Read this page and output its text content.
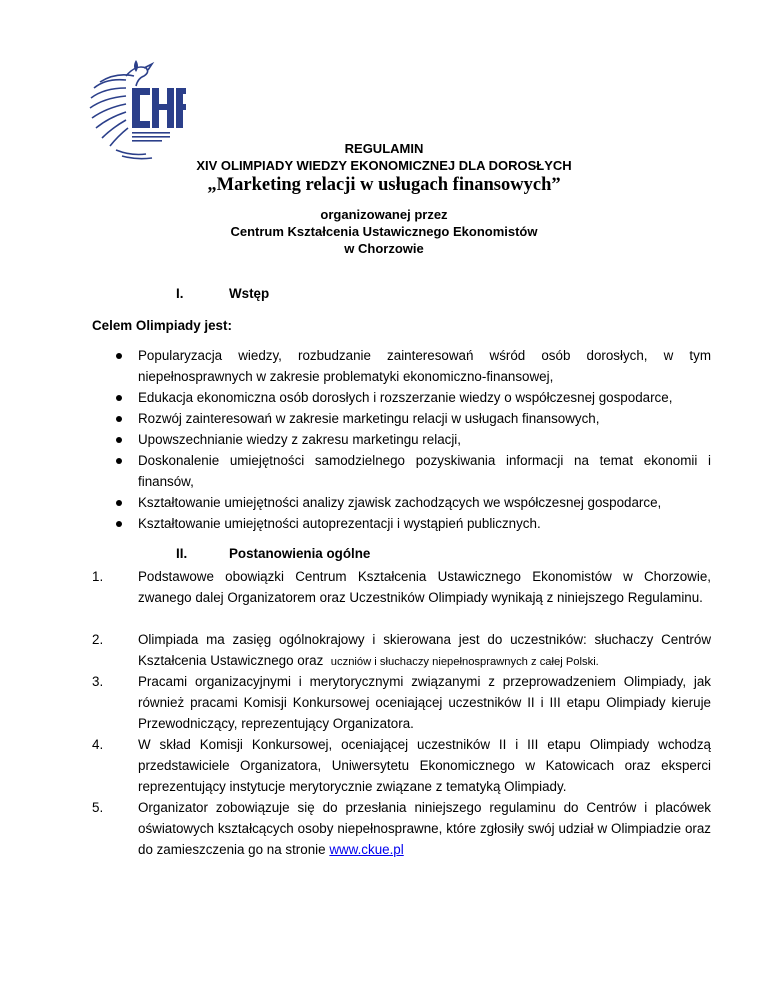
REGULAMIN
XIV OLIMPIADY WIEDZY EKONOMICZNEJ DLA DOROSŁYCH
„Marketing relacji w usługach finansowych”
organizowanej przez
Centrum Kształcenia Ustawicznego Ekonomistów
w Chorzowie
I.	Wstęp
Celem Olimpiady jest:
Popularyzacja wiedzy, rozbudzanie zainteresowań wśród osób dorosłych, w tym niepełnosprawnych w zakresie problematyki ekonomiczno-finansowej,
Edukacja ekonomiczna osób dorosłych i rozszerzanie wiedzy o współczesnej gospodarce,
Rozwój zainteresowań w zakresie marketingu relacji w usługach finansowych,
Upowszechnianie wiedzy z zakresu marketingu relacji,
Doskonalenie umiejętności samodzielnego pozyskiwania informacji na temat ekonomii i finansów,
Kształtowanie umiejętności analizy zjawisk zachodzących we współczesnej gospodarce,
Kształtowanie umiejętności autoprezentacji i wystąpień publicznych.
II.	Postanowienia ogólne
1.	Podstawowe obowiązki Centrum Kształcenia Ustawicznego Ekonomistów w Chorzowie, zwanego dalej Organizatorem oraz Uczestników Olimpiady wynikają z niniejszego Regulaminu.
2.	Olimpiada ma zasięg ogólnokrajowy i skierowana jest do uczestników: słuchaczy Centrów
Kształcenia Ustawicznego oraz uczniów i słuchaczy niepełnosprawnych z całej Polski.
3.	Pracami organizacyjnymi i merytorycznymi związanymi z przeprowadzeniem Olimpiady, jak również pracami Komisji Konkursowej oceniającej uczestników II i III etapu Olimpiady kieruje Przewodniczący, reprezentujący Organizatora.
4.	W skład Komisji Konkursowej, oceniającej uczestników II i III etapu Olimpiady wchodzą przedstawiciele Organizatora, Uniwersytetu Ekonomicznego w Katowicach oraz eksperci reprezentujący instytucje merytorycznie związane z tematyką Olimpiady.
5.	Organizator zobowiązuje się do przesłania niniejszego regulaminu do Centrów i placówek oświatowych kształcących osoby niepełnosprawne, które zgłosiły swój udział w Olimpiadzie oraz do zamieszczenia go na stronie www.ckue.pl
